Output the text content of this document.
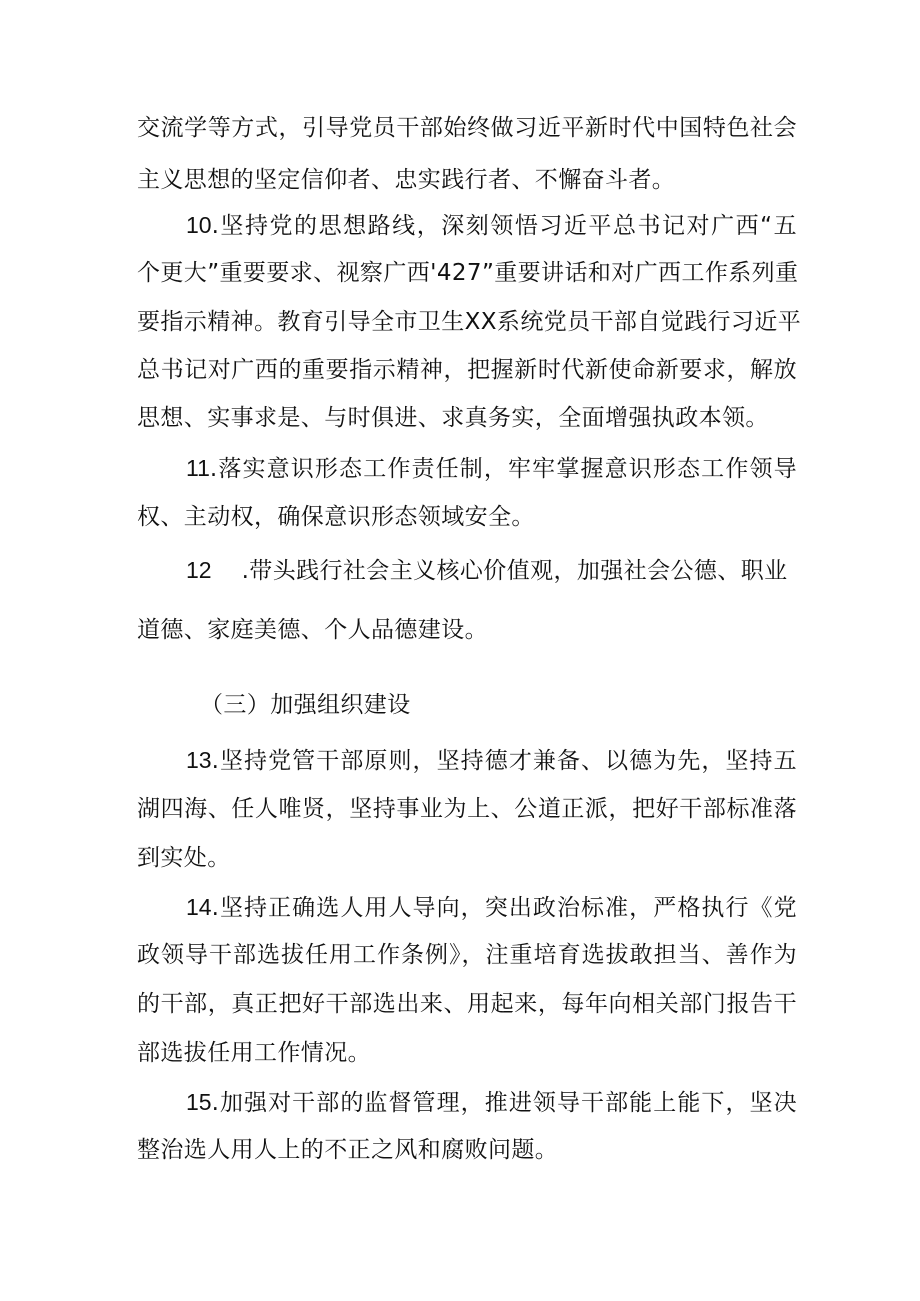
交流学等方式，引导党员干部始终做习近平新时代中国特色社会
主义思想的坚定信仰者、忠实践行者、不懈奋斗者。
10.坚持党的思想路线，深刻领悟习近平总书记对广西“五
个更大”重要要求、视察广西'427”重要讲话和对广西工作系列重
要指示精神。教育引导全市卫生XX系统党员干部自觉践行习近平
总书记对广西的重要指示精神，把握新时代新使命新要求，解放
思想、实事求是、与时俱进、求真务实，全面增强执政本领。
11.落实意识形态工作责任制，牢牢掌握意识形态工作领导
权、主动权，确保意识形态领域安全。
12 .带头践行社会主义核心价值观，加强社会公德、职业
道德、家庭美德、个人品德建设。
（三）加强组织建设
13.坚持党管干部原则，坚持德才兼备、以德为先，坚持五
湖四海、任人唯贤，坚持事业为上、公道正派，把好干部标准落
到实处。
14.坚持正确选人用人导向，突出政治标准，严格执行《党
政领导干部选拔任用工作条例》，注重培育选拔敢担当、善作为
的干部，真正把好干部选出来、用起来，每年向相关部门报告干
部选拔任用工作情况。
15.加强对干部的监督管理，推进领导干部能上能下，坚决
整治选人用人上的不正之风和腐败问题。
